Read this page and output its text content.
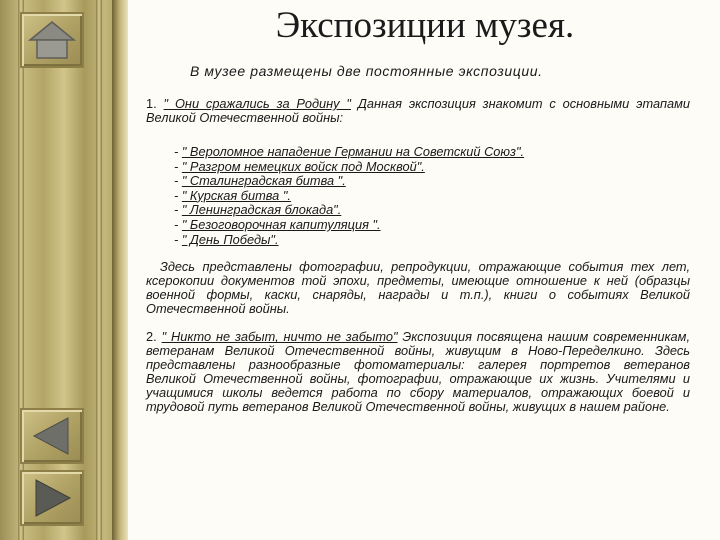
Экспозиции музея.
В музее размещены две постоянные экспозиции.

1. " Они сражались за Родину " Данная экспозиция знакомит с основными этапами Великой Отечественной войны:

- " Вероломное нападение Германии на Советский Союз".
- " Разгром немецких войск под Москвой".
- " Сталинградская битва ".
- " Курская битва ".
- " Ленинградская блокада".
- " Безоговорочная капитуляция ".
- " День Победы".

Здесь представлены фотографии, репродукции, отражающие события тех лет, ксерокопии документов той эпохи, предметы, имеющие отношение к ней (образцы военной формы, каски, снаряды, награды и т.п.), книги о событиях Великой Отечественной войны.

2. " Никто не забыт, ничто не забыто" Экспозиция посвящена нашим современникам, ветеранам Великой Отечественной войны, живущим в Ново-Переделкино. Здесь представлены разнообразные фотоматериалы: галерея портретов ветеранов Великой Отечественной войны, фотографии, отражающие их жизнь. Учителями и учащимися школы ведется работа по сбору материалов, отражающих боевой и трудовой путь ветеранов Великой Отечественной войны, живущих в нашем районе.
